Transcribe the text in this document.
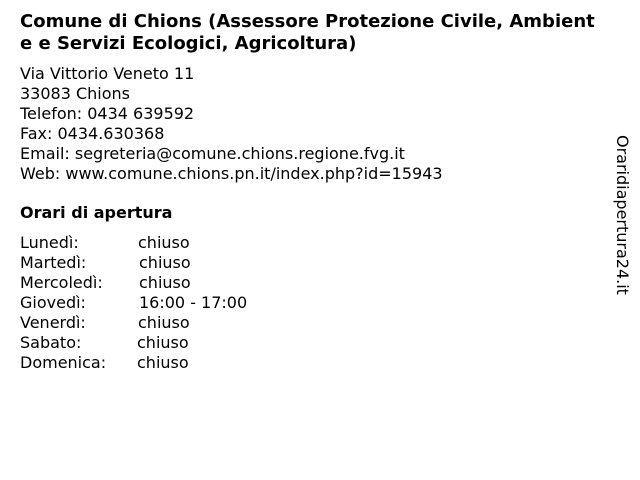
Comune di Chions (Assessore Protezione Civile, Ambiente e Servizi Ecologici, Agricoltura)
Via Vittorio Veneto 11
33083 Chions
Telefon: 0434 639592
Fax: 0434.630368
Email: segreteria@comune.chions.regione.fvg.it
Web: www.comune.chions.pn.it/index.php?id=15943
Orari di apertura
Lunedì:	chiuso
Martedì:	chiuso
Mercoledì: chiuso
Giovedì:	16:00 - 17:00
Venerdì:	chiuso
Sabato:	chiuso
Domenica: chiuso
Oraridiapertura24.it
